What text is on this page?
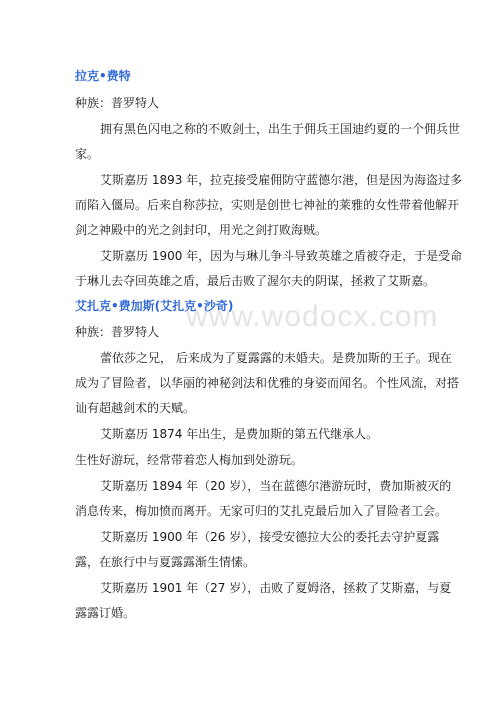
www.wodocx.com
拉克•费特
种族：普罗特人
拥有黑色闪电之称的不败剑士，出生于佣兵王国迪约夏的一个佣兵世
家。
艾斯嘉历 1893 年，拉克接受雇佣防守蓝德尔港，但是因为海盗过多
而陷入僵局。后来自称莎拉，实则是创世七神祉的莱雅的女性带着他解开
剑之神殿中的光之剑封印，用光之剑打败海贼。
艾斯嘉历 1900 年，因为与琳儿争斗导致英雄之盾被夺走，于是受命
于琳儿去夺回英雄之盾，最后击败了渥尔夫的阴谋，拯救了艾斯嘉。
艾扎克•费加斯(艾扎克•沙奇)
种族：普罗特人
蕾依莎之兄， 后来成为了夏露露的未婚夫。是费加斯的王子。现在
成为了冒险者，以华丽的神秘剑法和优雅的身姿而闻名。个性风流，对搭
讪有超越剑术的天赋。
艾斯嘉历 1874 年出生，是费加斯的第五代继承人。
生性好游玩，经常带着恋人梅加到处游玩。
艾斯嘉历 1894 年（20 岁），当在蓝德尔港游玩时，费加斯被灭的
消息传来，梅加愤而离开。无家可归的艾扎克最后加入了冒险者工会。
艾斯嘉历 1900 年（26 岁），接受安德拉大公的委托去守护夏露
露，在旅行中与夏露露渐生情愫。
艾斯嘉历 1901 年（27 岁），击败了夏姆洛，拯救了艾斯嘉，与夏
露露订婚。
